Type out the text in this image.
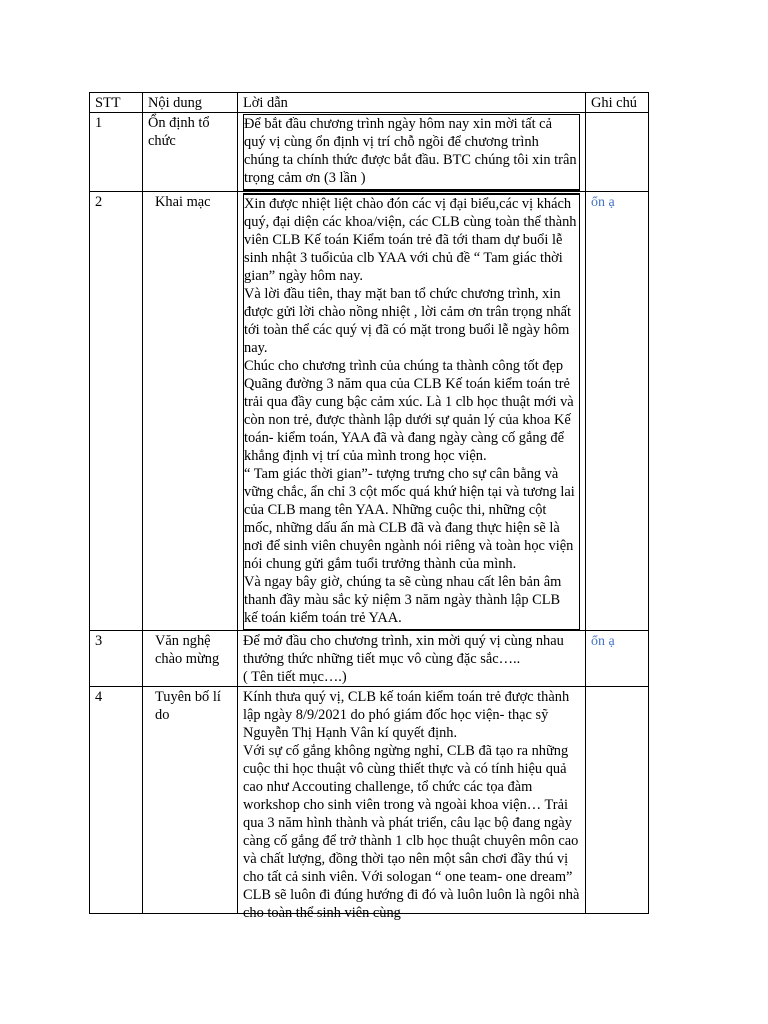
STT	Nội dung	Lời dẫn	Ghi chú
1	Ổn định tổ chức	Để bắt đầu chương trình ngày hôm nay xin mời tất cả quý vị cùng ổn định vị trí chỗ ngồi để chương trình chúng ta chính thức được bắt đầu. BTC chúng tôi xin trân trọng cảm ơn (3 lần )	

2	Khai mạc	Xin được nhiệt liệt chào đón các vị đại biểu,các vị khách quý, đại diện các khoa/viện, các CLB cùng toàn thể thành viên CLB Kế toán Kiểm toán trẻ đã tới tham dự buổi lễ sinh nhật 3 tuổicủa clb YAA với chủ đề “ Tam giác thời gian” ngày hôm nay.
Và lời đầu tiên, thay mặt ban tổ chức chương trình, xin được gửi lời chào nồng nhiệt , lời cảm ơn trân trọng nhất tới toàn thể các quý vị đã có mặt trong buổi lễ ngày hôm nay.
Chúc cho chương trình của chúng ta thành công tốt đẹp Quãng đường 3 năm qua của CLB Kế toán kiểm toán trẻ trải qua đầy cung bậc cảm xúc. Là 1 clb học thuật mới và còn non trẻ, được thành lập dưới sự quản lý của khoa Kế toán- kiểm toán, YAA đã và đang ngày càng cố gắng để khẳng định vị trí của mình trong học viện.
“ Tam giác thời gian”- tượng trưng cho sự cân bằng và vững chắc, ẩn chỉ 3 cột mốc quá khứ hiện tại và tương lai của CLB mang tên YAA. Những cuộc thi, những cột mốc, những dấu ấn mà CLB đã và đang thực hiện sẽ là nơi để sinh viên chuyên ngành nói riêng và toàn học viện nói chung gửi gắm tuổi trưởng thành của mình.
Và ngay bây giờ, chúng ta sẽ cùng nhau cất lên bản âm thanh đầy màu sắc kỷ niệm 3 năm ngày thành lập CLB kế toán kiểm toán trẻ YAA.	ổn ạ
3	Văn nghệ chào mừng	Để mở đầu cho chương trình, xin mời quý vị cùng nhau thưởng thức những tiết mục vô cùng đặc sắc…..
( Tên tiết mục….)	ổn ạ
4	Tuyên bố lí do	Kính thưa quý vị, CLB kế toán kiểm toán trẻ được thành lập ngày 8/9/2021 do phó giám đốc học viện- thạc sỹ Nguyễn Thị Hạnh Vân kí quyết định.
Với sự cố gắng không ngừng nghỉ, CLB đã tạo ra những cuộc thi học thuật vô cùng thiết thực và có tính hiệu quả cao như Accouting challenge, tổ chức các tọa đàm workshop cho sinh viên trong và ngoài khoa viện… Trải qua 3 năm hình thành và phát triển, câu lạc bộ đang ngày càng cố gắng để trở thành 1 clb học thuật chuyên môn cao và chất lượng, đồng thời tạo nên một sân chơi đầy thú vị cho tất cả sinh viên. Với sologan “ one team- one dream” CLB sẽ luôn đi đúng hướng đi đó và luôn luôn là ngôi nhà cho toàn thể sinh viên cùng	
